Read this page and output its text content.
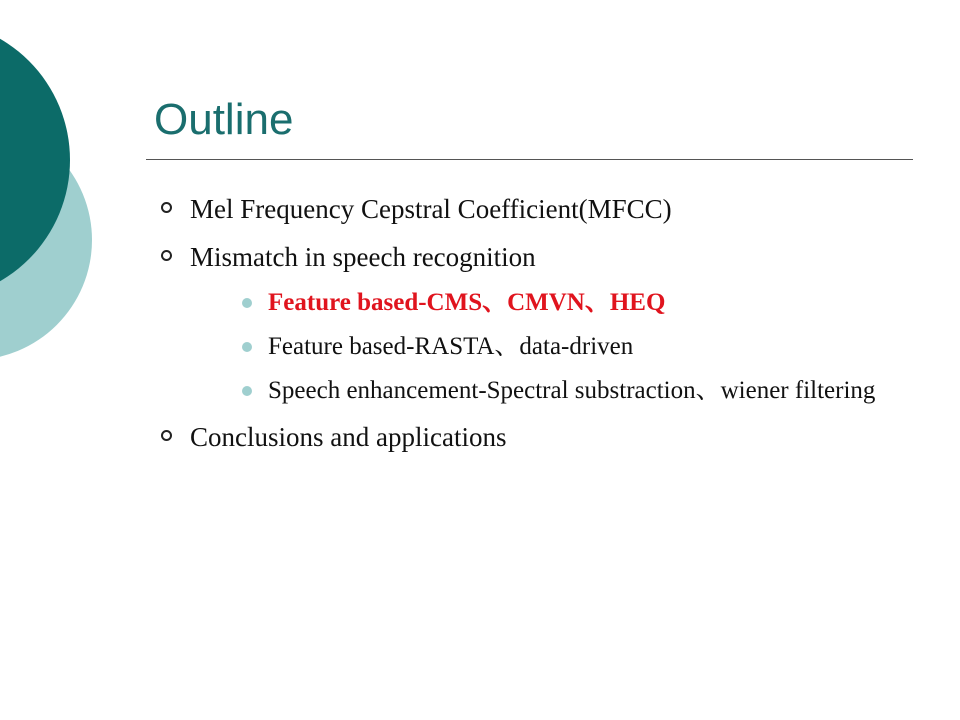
Outline
Mel Frequency Cepstral Coefficient(MFCC)
Mismatch in speech recognition
Feature based-CMS、CMVN、HEQ
Feature based-RASTA、data-driven
Speech enhancement-Spectral substraction、wiener filtering
Conclusions and applications
